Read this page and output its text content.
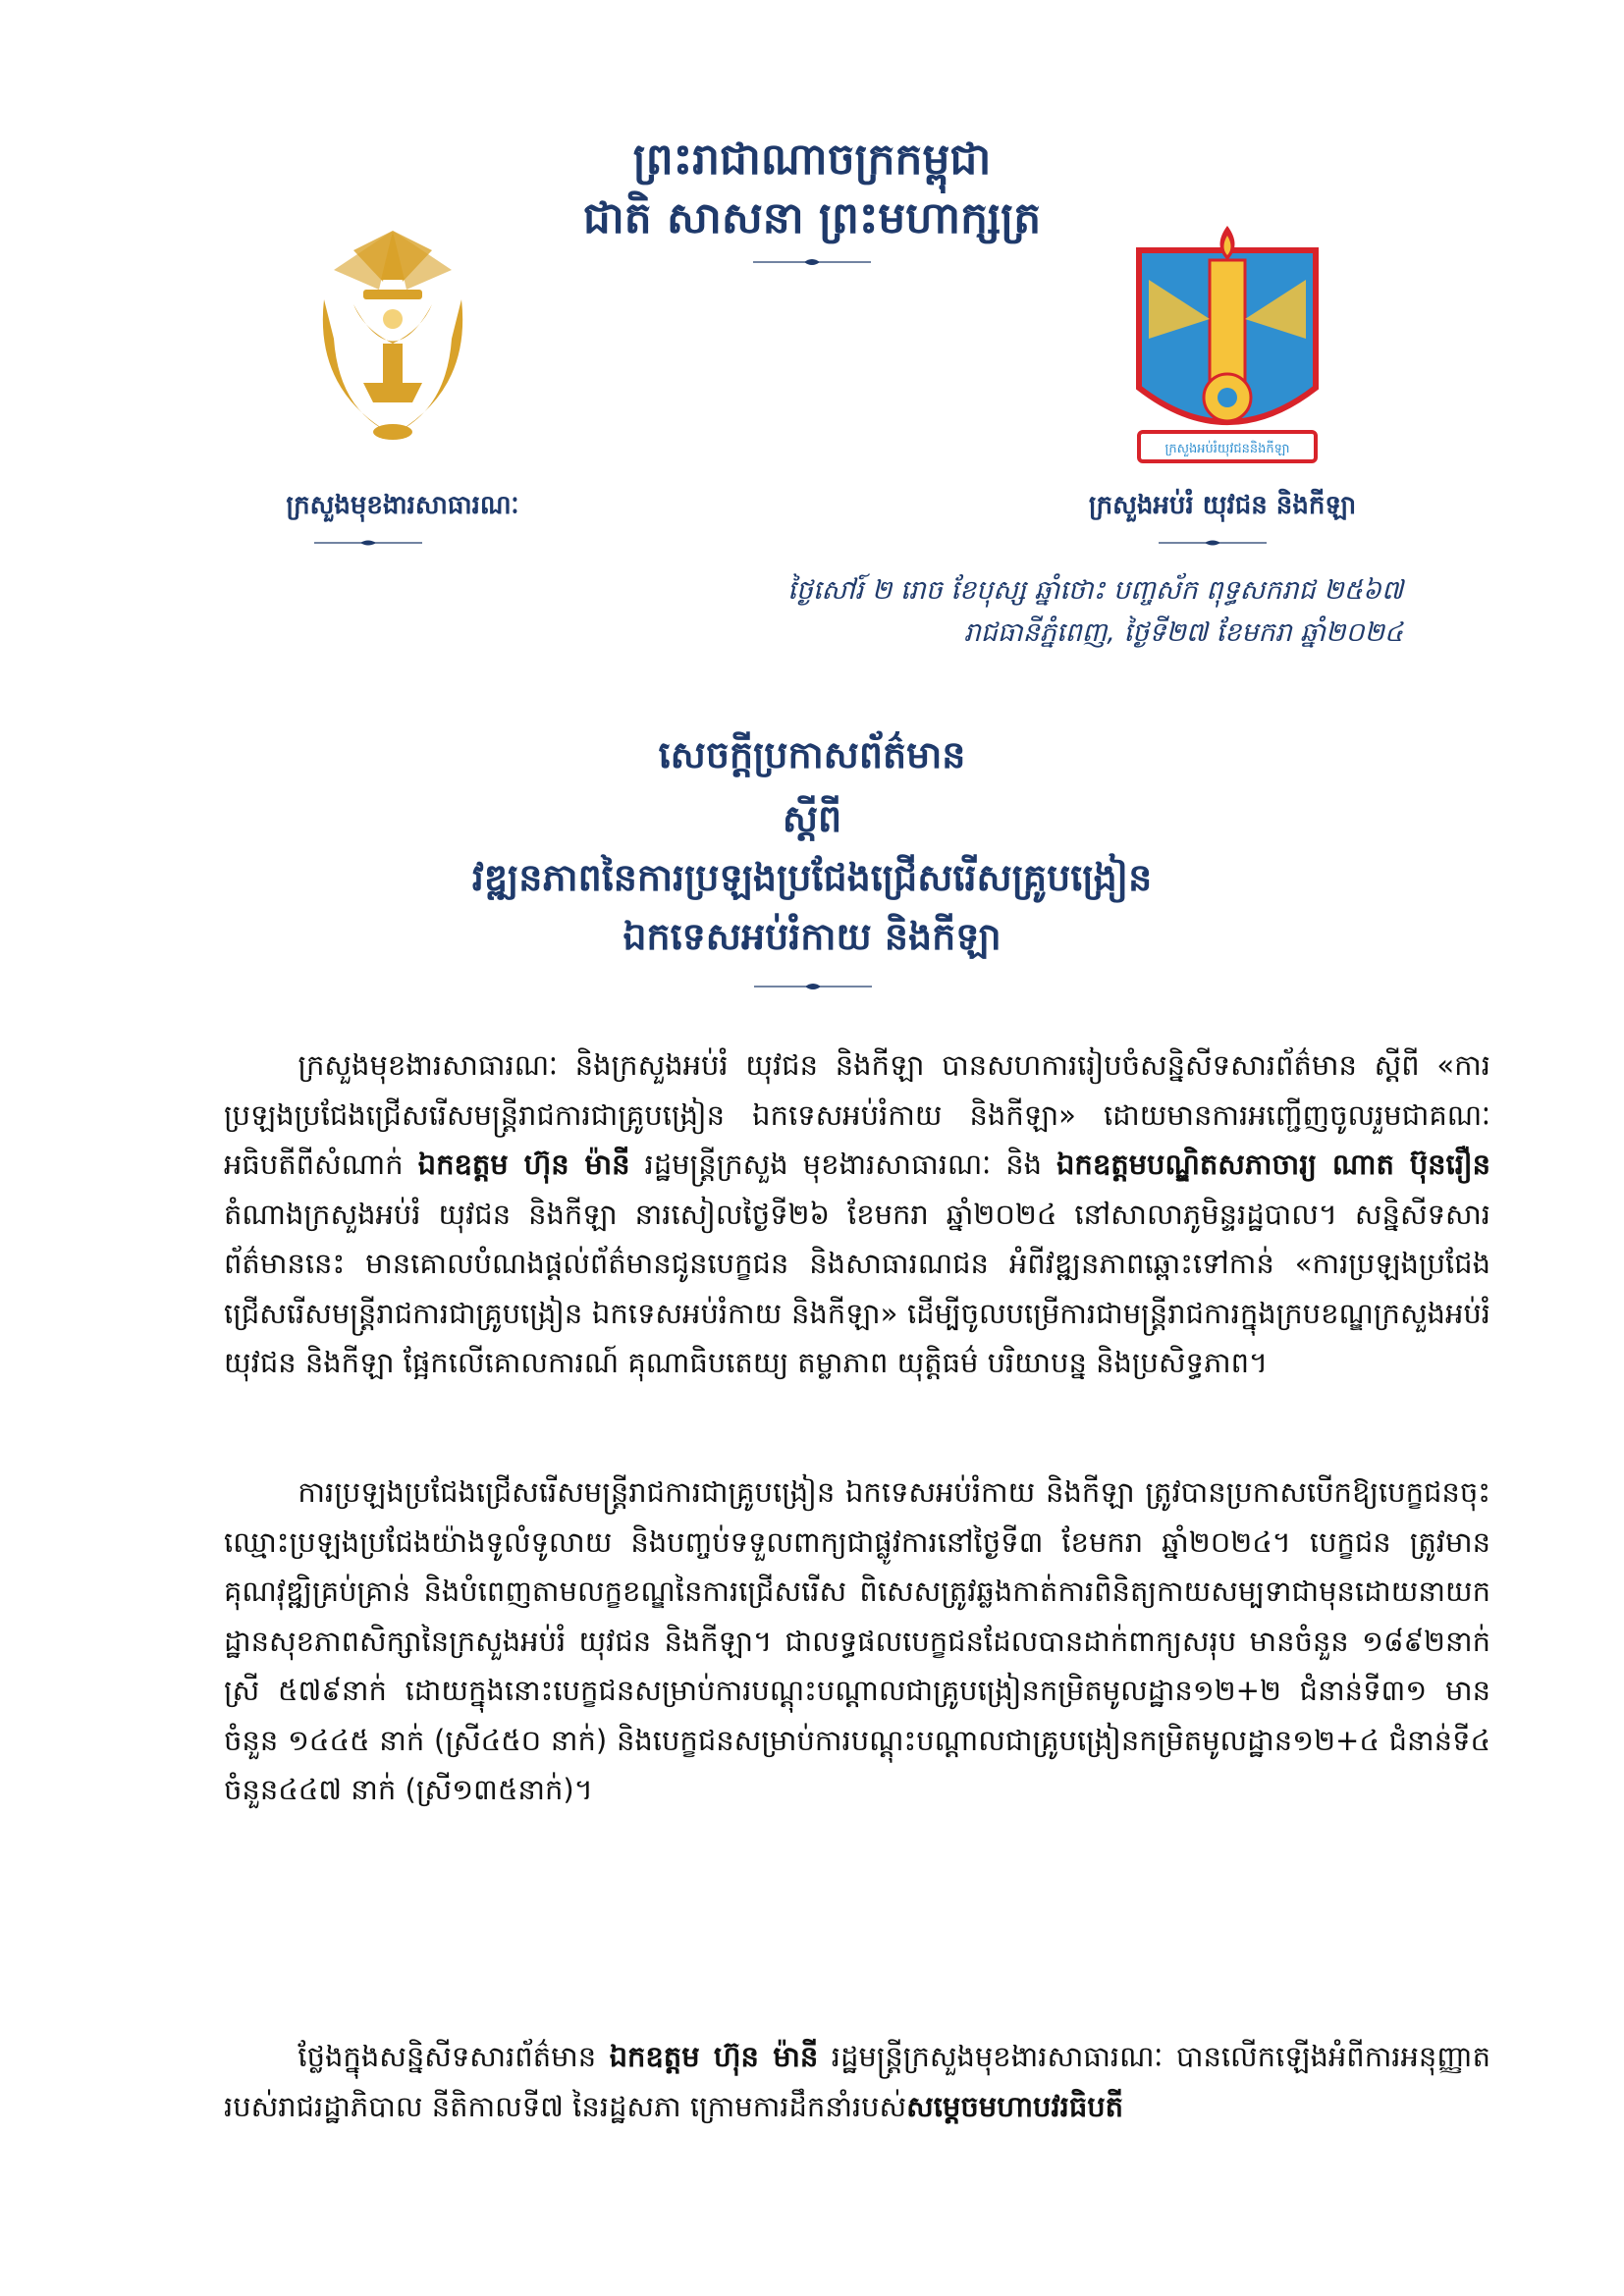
ព្រះរាជាណាចក្រកម្ពុជា
ជាតិ សាសនា ព្រះមហាក្សត្រ
ក្រសួងអប់រំយុវជននិងកីឡា
ក្រសួងមុខងារសាធារណៈ	ក្រសួងអប់រំ យុវជន និងកីឡា
ថ្ងៃសៅរ៍ ២ រោច ខែបុស្ស ឆ្នាំថោះ បញ្ចស័ក ពុទ្ធសករាជ ២៥៦៧
រាជធានីភ្នំពេញ, ថ្ងៃទី២៧ ខែមករា ឆ្នាំ២០២៤
សេចក្តីប្រកាសព័ត៌មាន
ស្តីពី
វឌ្ឍនភាពនៃការប្រឡងប្រជែងជ្រើសរើសគ្រូបង្រៀន
ឯកទេសអប់រំកាយ និងកីឡា

ក្រសួងមុខងារសាធារណៈ និងក្រសួងអប់រំ យុវជន និងកីឡា បានសហការរៀបចំសន្និសីទសារព័ត៌មាន ស្តីពី «ការប្រឡងប្រជែងជ្រើសរើសមន្ត្រីរាជការជាគ្រូបង្រៀន ឯកទេសអប់រំកាយ និងកីឡា» ដោយមានការអញ្ជើញចូលរួមជាគណៈអធិបតីពីសំណាក់ ឯកឧត្តម ហ៊ុន ម៉ានី រដ្ឋមន្ត្រីក្រសួង មុខងារសាធារណៈ និង ឯកឧត្តមបណ្ឌិតសភាចារ្យ ណាត ប៊ុនរឿន តំណាងក្រសួងអប់រំ យុវជន និងកីឡា នារសៀលថ្ងៃទី២៦ ខែមករា ឆ្នាំ២០២៤ នៅសាលាភូមិន្ទរដ្ឋបាល។ សន្និសីទសារព័ត៌មាននេះ មានគោលបំណងផ្តល់ព័ត៌មានជូនបេក្ខជន និងសាធារណជន អំពីវឌ្ឍនភាពឆ្ពោះទៅកាន់ «ការប្រឡងប្រជែងជ្រើសរើសមន្ត្រីរាជការជាគ្រូបង្រៀន ឯកទេសអប់រំកាយ និងកីឡា» ដើម្បីចូលបម្រើការជាមន្ត្រីរាជការក្នុងក្របខណ្ឌក្រសួងអប់រំ យុវជន និងកីឡា ផ្អែកលើគោលការណ៍ គុណាធិបតេយ្យ តម្លាភាព យុត្តិធម៌ បរិយាបន្ន និងប្រសិទ្ធភាព។

ការប្រឡងប្រជែងជ្រើសរើសមន្ត្រីរាជការជាគ្រូបង្រៀន ឯកទេសអប់រំកាយ និងកីឡា ត្រូវបានប្រកាសបើកឱ្យបេក្ខជនចុះឈ្មោះប្រឡងប្រជែងយ៉ាងទូលំទូលាយ និងបញ្ចប់ទទួលពាក្យជាផ្លូវការនៅថ្ងៃទី៣ ខែមករា ឆ្នាំ២០២៤។ បេក្ខជន ត្រូវមានគុណវុឌ្ឍិគ្រប់គ្រាន់ និងបំពេញតាមលក្ខខណ្ឌនៃការជ្រើសរើស ពិសេសត្រូវឆ្លងកាត់ការពិនិត្យកាយសម្បទាជាមុនដោយនាយកដ្ឋានសុខភាពសិក្សានៃក្រសួងអប់រំ យុវជន និងកីឡា។ ជាលទ្ធផលបេក្ខជនដែលបានដាក់ពាក្យសរុប មានចំនួន ១៨៩២នាក់ ស្រី ៥៧៩នាក់ ដោយក្នុងនោះបេក្ខជនសម្រាប់ការបណ្តុះបណ្តាលជាគ្រូបង្រៀនកម្រិតមូលដ្ឋាន១២+២ ជំនាន់ទី៣១ មានចំនួន ១៤៤៥ នាក់ (ស្រី៤៥០ នាក់) និងបេក្ខជនសម្រាប់ការបណ្តុះបណ្តាលជាគ្រូបង្រៀនកម្រិតមូលដ្ឋាន១២+៤ ជំនាន់ទី៤ ចំនួន៤៤៧ នាក់ (ស្រី១៣៥នាក់)។

ថ្លែងក្នុងសន្និសីទសារព័ត៌មាន ឯកឧត្តម ហ៊ុន ម៉ានី រដ្ឋមន្ត្រីក្រសួងមុខងារសាធារណៈ បានលើកឡើងអំពីការអនុញ្ញាតរបស់រាជរដ្ឋាភិបាល នីតិកាលទី៧ នៃរដ្ឋសភា ក្រោមការដឹកនាំរបស់សម្តេចមហាបវរធិបតី
